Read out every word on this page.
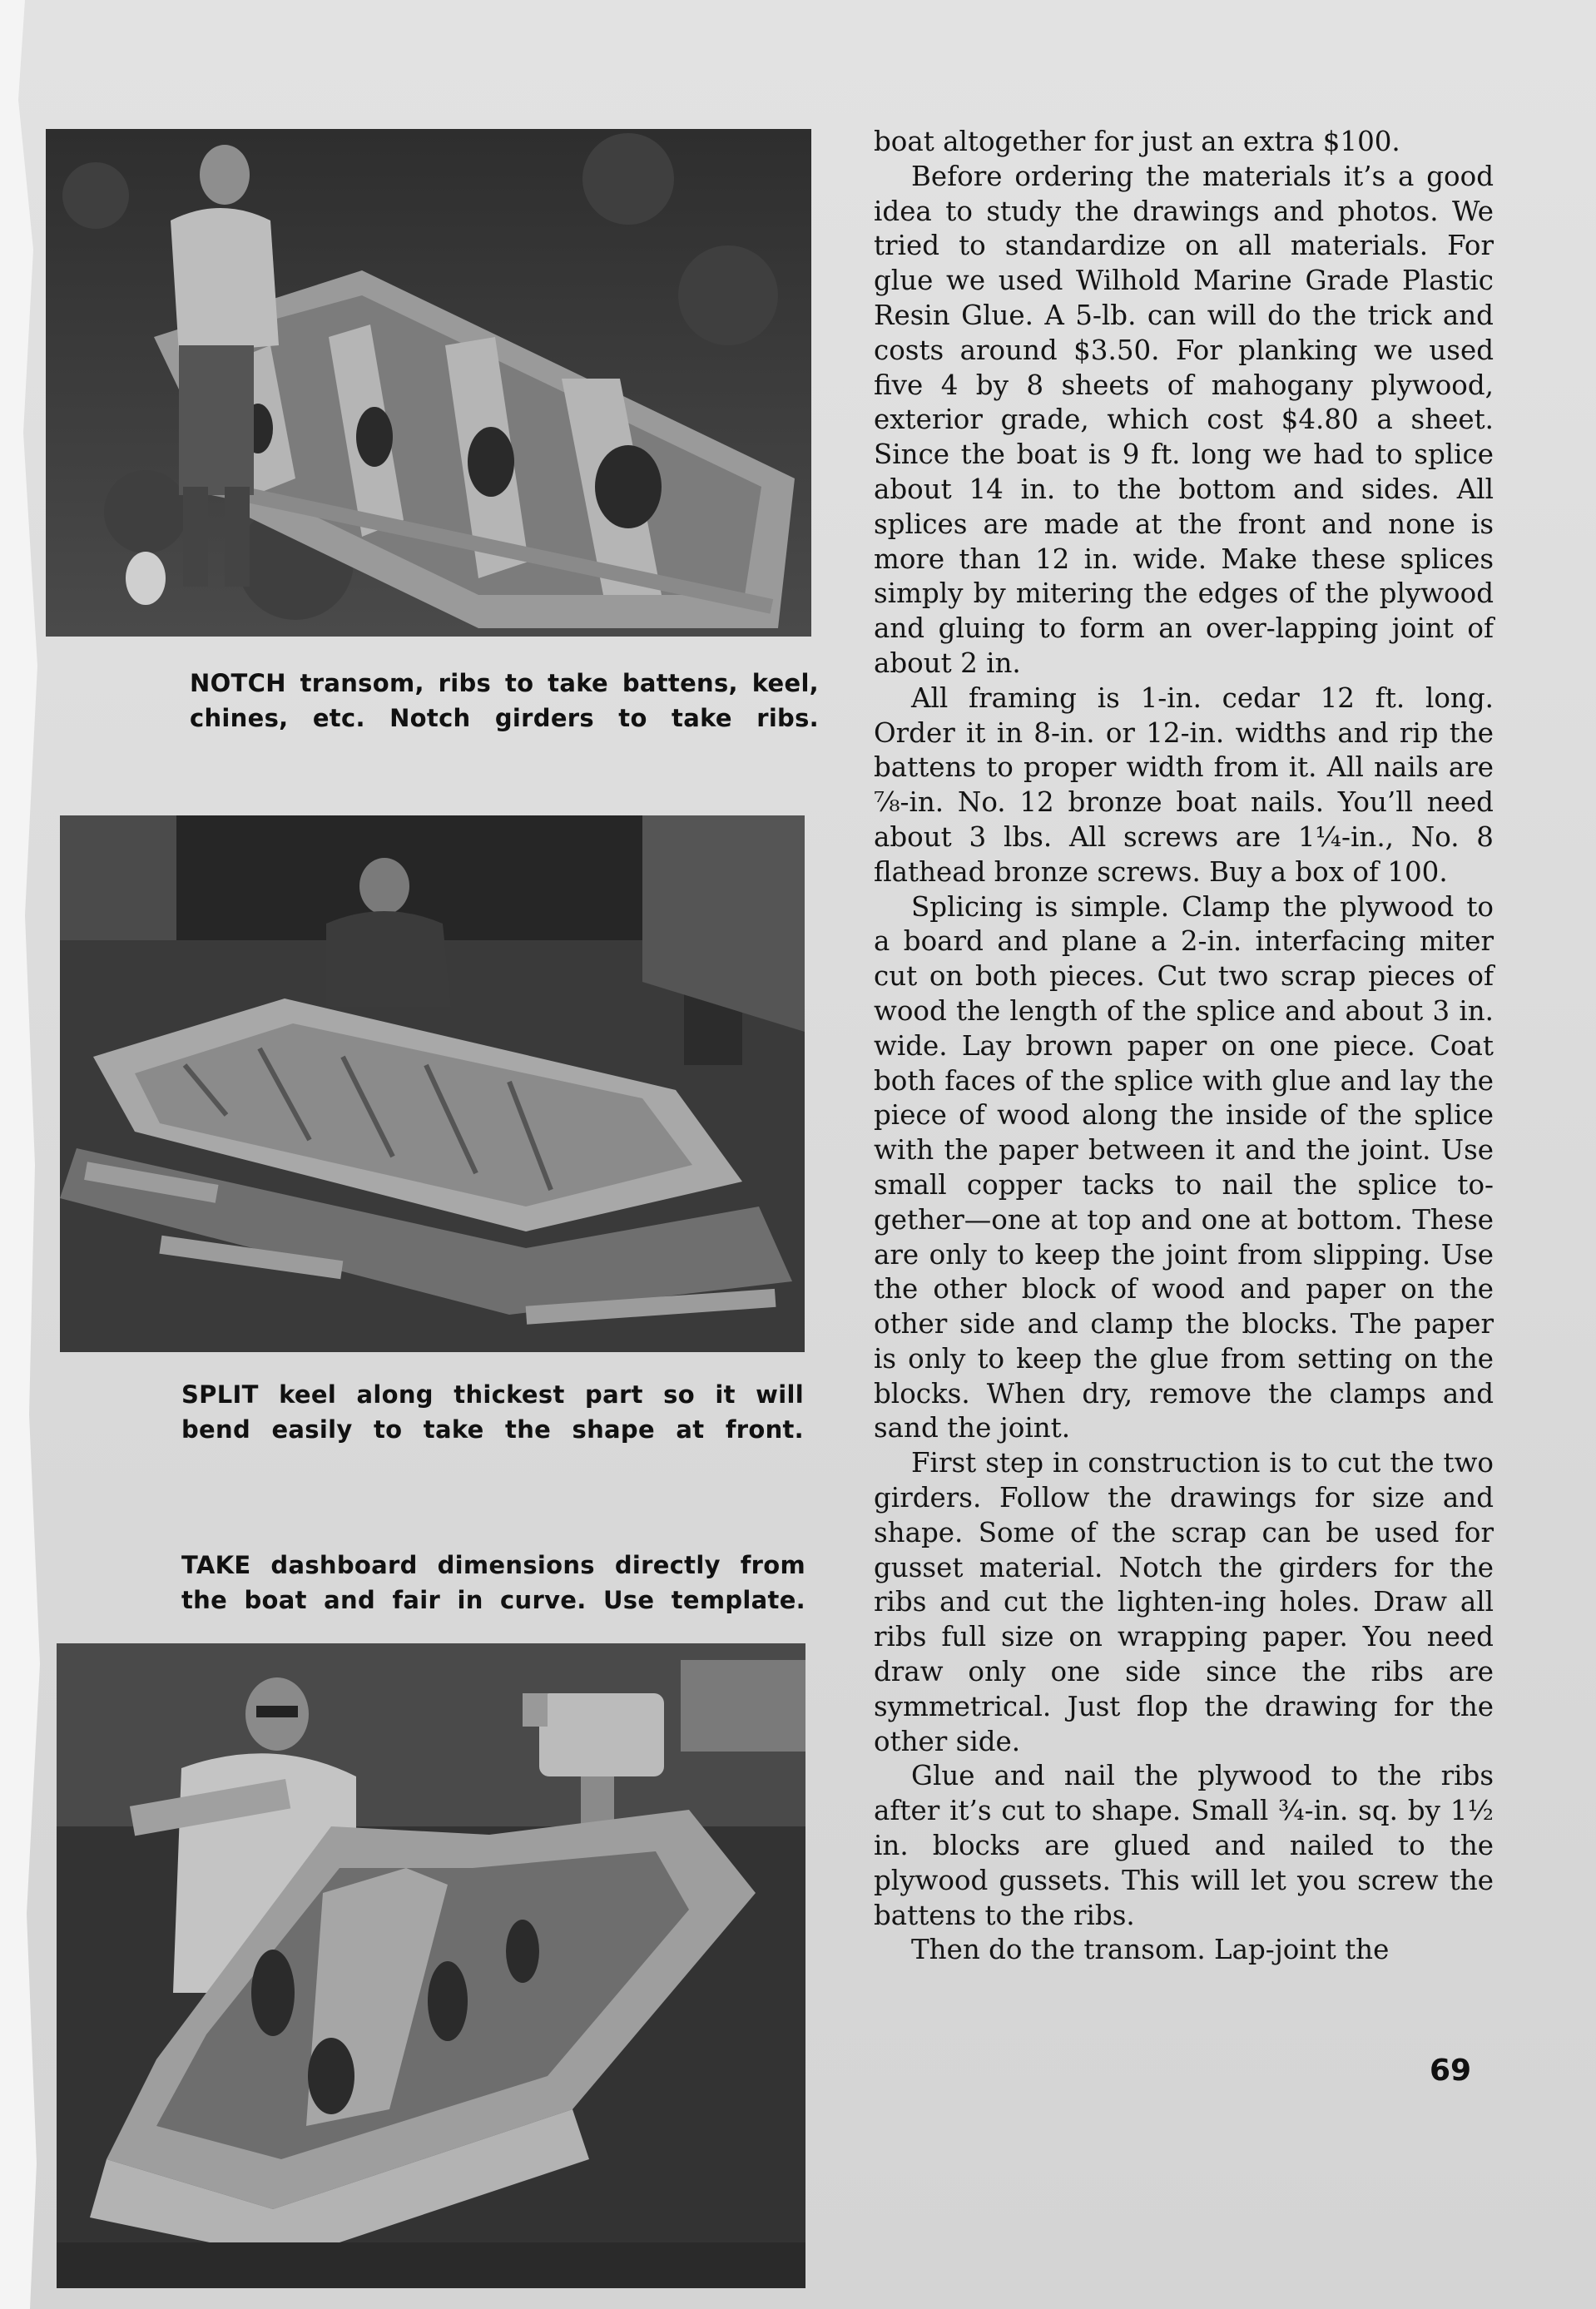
NOTCH transom, ribs to take battens, keel,
chines, etc. Notch girders to take ribs.
SPLIT keel along thickest part so it will
bend easily to take the shape at front.
TAKE dashboard dimensions directly from
the boat and fair in curve. Use template.

boat altogether for just an extra $100.

Before ordering the materials it’s a good idea to study the drawings and photos. We tried to standardize on all materials. For glue we used Wilhold Marine Grade Plastic Resin Glue. A 5-lb. can will do the trick and costs around $3.50. For planking we used five 4 by 8 sheets of mahogany plywood, exterior grade, which cost $4.80 a sheet. Since the boat is 9 ft. long we had to splice about 14 in. to the bottom and sides. All splices are made at the front and none is more than 12 in. wide. Make these splices simply by mitering the edges of the plywood and gluing to form an over-lapping joint of about 2 in.

All framing is 1-in. cedar 12 ft. long. Order it in 8-in. or 12-in. widths and rip the battens to proper width from it. All nails are ⅞-in. No. 12 bronze boat nails. You’ll need about 3 lbs. All screws are 1¼-in., No. 8 flathead bronze screws. Buy a box of 100.

Splicing is simple. Clamp the plywood to a board and plane a 2-in. interfacing miter cut on both pieces. Cut two scrap pieces of wood the length of the splice and about 3 in. wide. Lay brown paper on one piece. Coat both faces of the splice with glue and lay the piece of wood along the inside of the splice with the paper between it and the joint. Use small copper tacks to nail the splice to-gether—one at top and one at bottom. These are only to keep the joint from slipping. Use the other block of wood and paper on the other side and clamp the blocks. The paper is only to keep the glue from setting on the blocks. When dry, remove the clamps and sand the joint.

First step in construction is to cut the two girders. Follow the drawings for size and shape. Some of the scrap can be used for gusset material. Notch the girders for the ribs and cut the lighten-ing holes. Draw all ribs full size on wrapping paper. You need draw only one side since the ribs are symmetrical. Just flop the drawing for the other side.

Glue and nail the plywood to the ribs after it’s cut to shape. Small ¾-in. sq. by 1½ in. blocks are glued and nailed to the plywood gussets. This will let you screw the battens to the ribs.

Then do the transom. Lap-joint the

69
